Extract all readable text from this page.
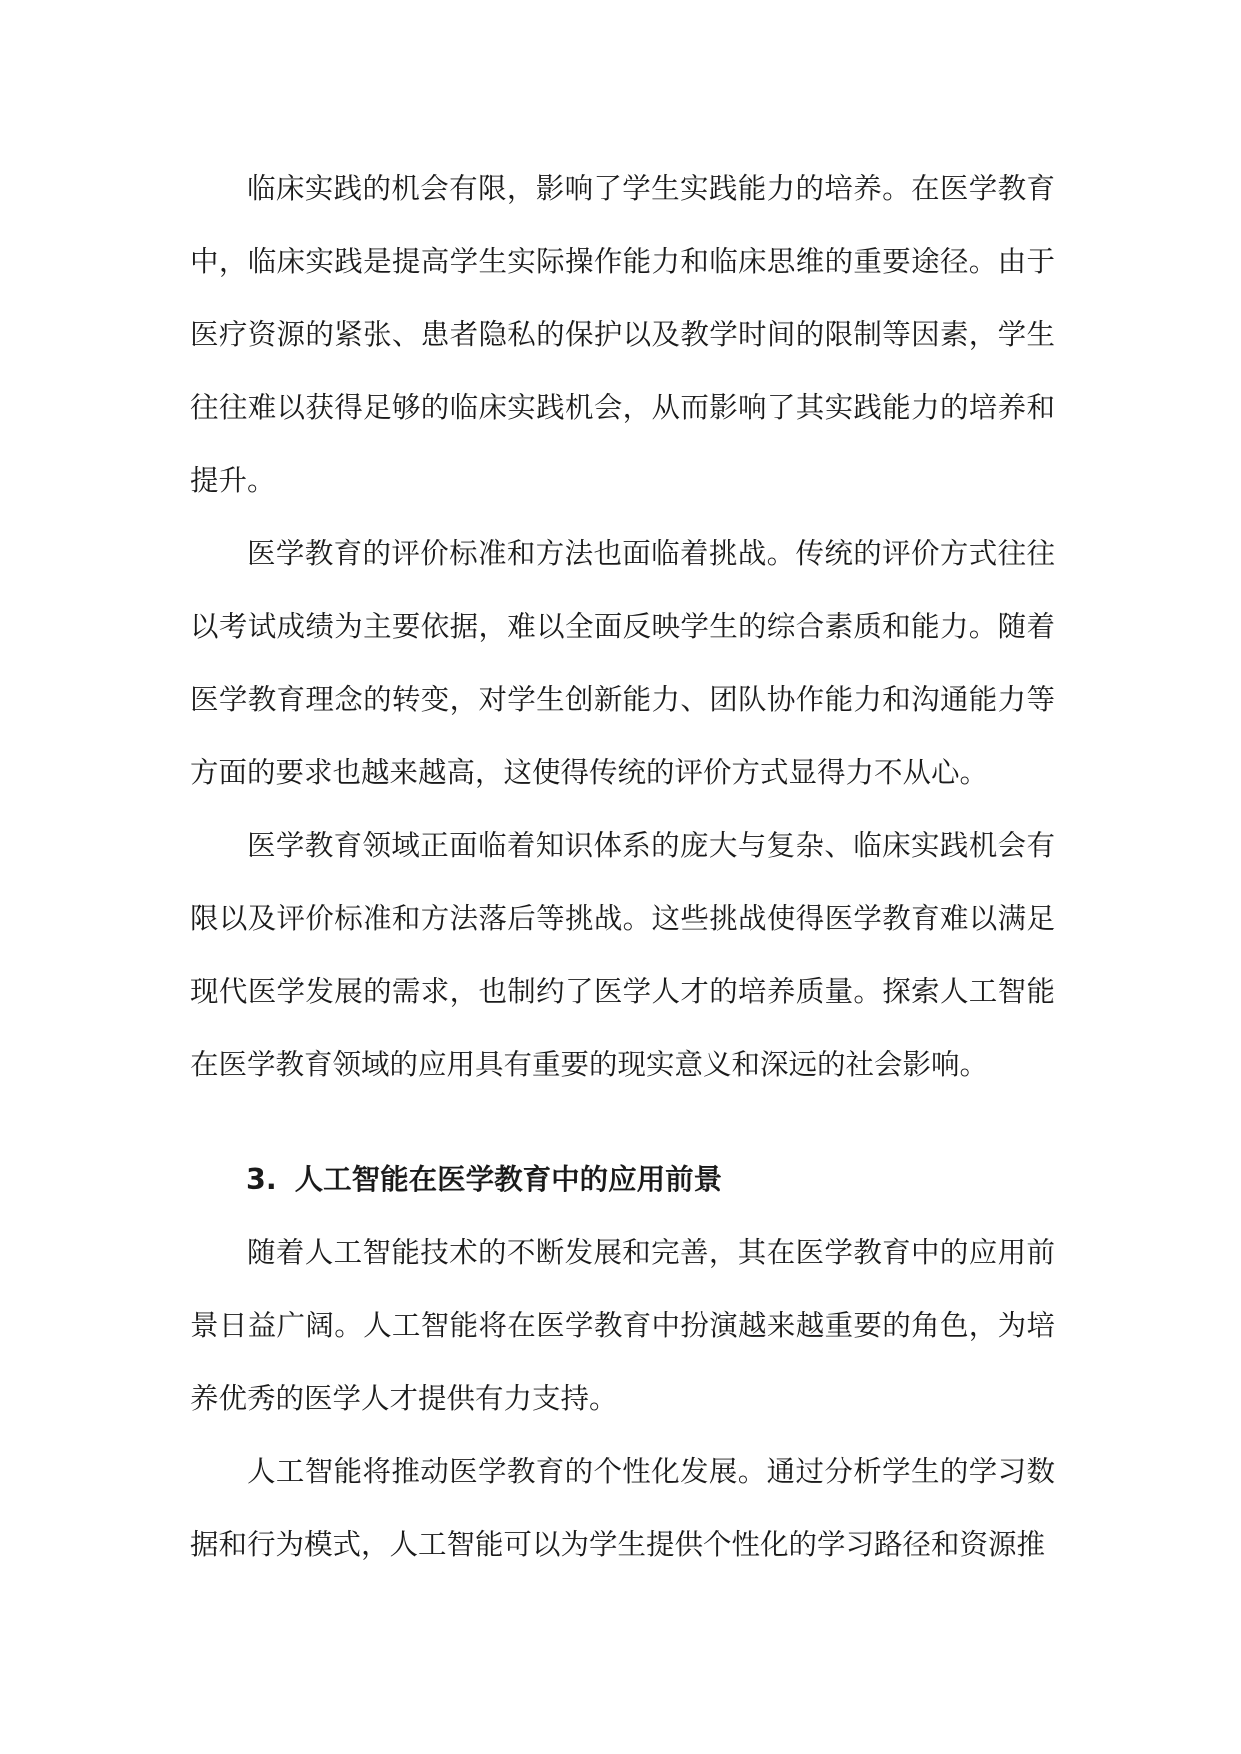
临床实践的机会有限，影响了学生实践能力的培养。在医学教育中，临床实践是提高学生实际操作能力和临床思维的重要途径。由于医疗资源的紧张、患者隐私的保护以及教学时间的限制等因素，学生往往难以获得足够的临床实践机会，从而影响了其实践能力的培养和提升。

医学教育的评价标准和方法也面临着挑战。传统的评价方式往往以考试成绩为主要依据，难以全面反映学生的综合素质和能力。随着医学教育理念的转变，对学生创新能力、团队协作能力和沟通能力等方面的要求也越来越高，这使得传统的评价方式显得力不从心。

医学教育领域正面临着知识体系的庞大与复杂、临床实践机会有限以及评价标准和方法落后等挑战。这些挑战使得医学教育难以满足现代医学发展的需求，也制约了医学人才的培养质量。探索人工智能在医学教育领域的应用具有重要的现实意义和深远的社会影响。

3. 人工智能在医学教育中的应用前景

随着人工智能技术的不断发展和完善，其在医学教育中的应用前景日益广阔。人工智能将在医学教育中扮演越来越重要的角色，为培养优秀的医学人才提供有力支持。

人工智能将推动医学教育的个性化发展。通过分析学生的学习数据和行为模式，人工智能可以为学生提供个性化的学习路径和资源推
